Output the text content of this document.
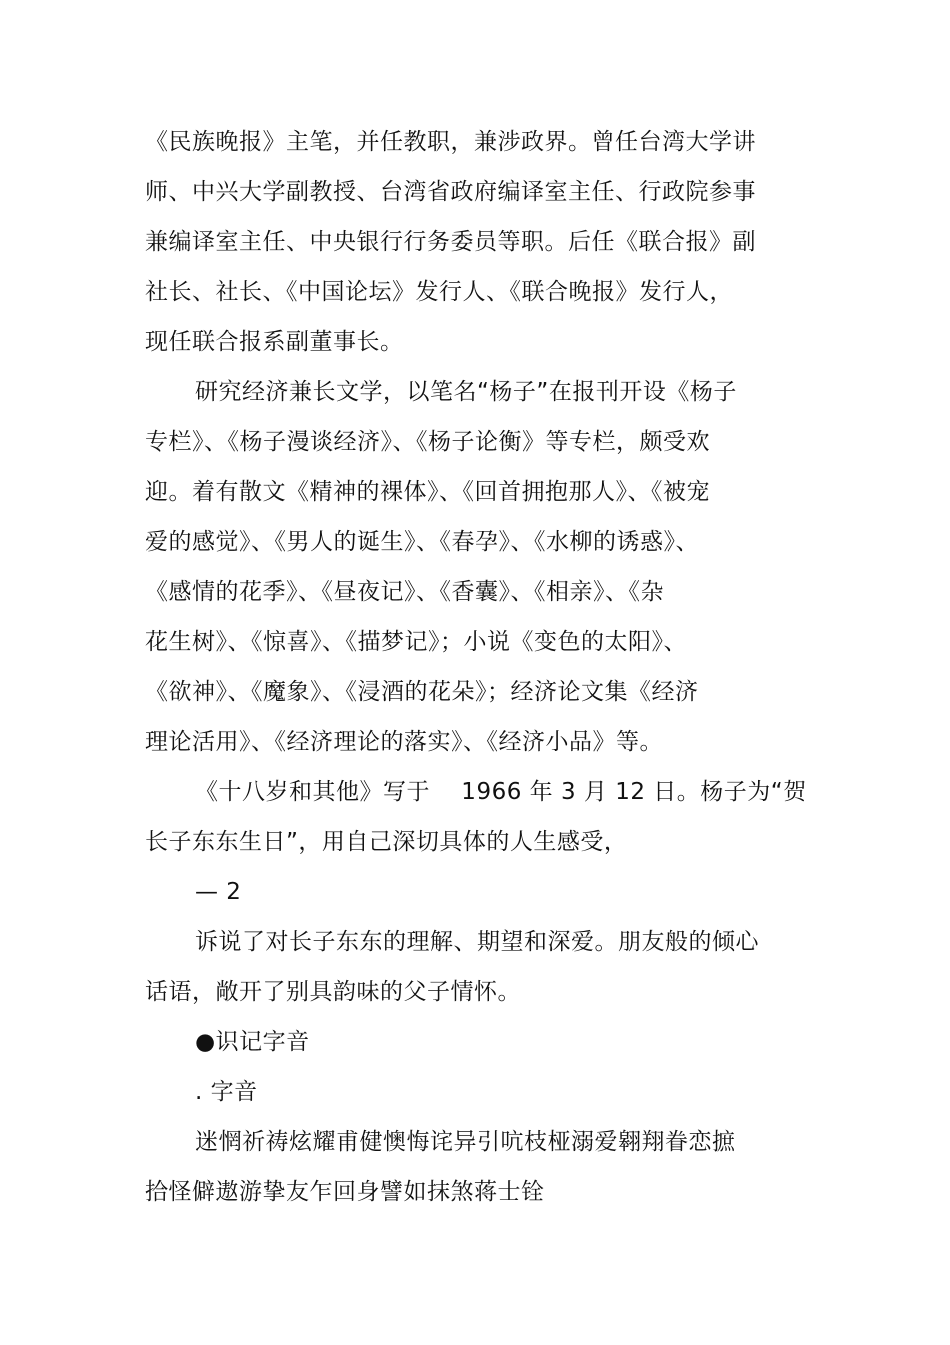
《民族晚报》主笔，并任教职，兼涉政界。曾任台湾大学讲
师、中兴大学副教授、台湾省政府编译室主任、行政院参事
兼编译室主任、中央银行行务委员等职。后任《联合报》副
社长、社长、《中国论坛》发行人、《联合晚报》发行人，
现任联合报系副董事长。
研究经济兼长文学，以笔名“杨子”在报刊开设《杨子
专栏》、《杨子漫谈经济》、《杨子论衡》等专栏，颇受欢
迎。着有散文《精神的裸体》、《回首拥抱那人》、《被宠
爱的感觉》、《男人的诞生》、《春孕》、《水柳的诱惑》、
《感情的花季》、《昼夜记》、《香囊》、《相亲》、《杂
花生树》、《惊喜》、《描梦记》；小说《变色的太阳》、
《欲神》、《魔象》、《浸酒的花朵》；经济论文集《经济
理论活用》、《经济理论的落实》、《经济小品》等。
《十八岁和其他》写于　 1966 年 3 月 12 日。杨子为“贺
长子东东生日”，用自己深切具体的人生感受，
— 2
诉说了对长子东东的理解、期望和深爱。朋友般的倾心
话语，敞开了别具韵味的父子情怀。
●识记字音
. 字音
迷惘祈祷炫耀甫健懊悔诧异引吭枝桠溺爱翱翔眷恋摭
拾怪僻遨游挚友乍回身譬如抹煞蒋士铨
